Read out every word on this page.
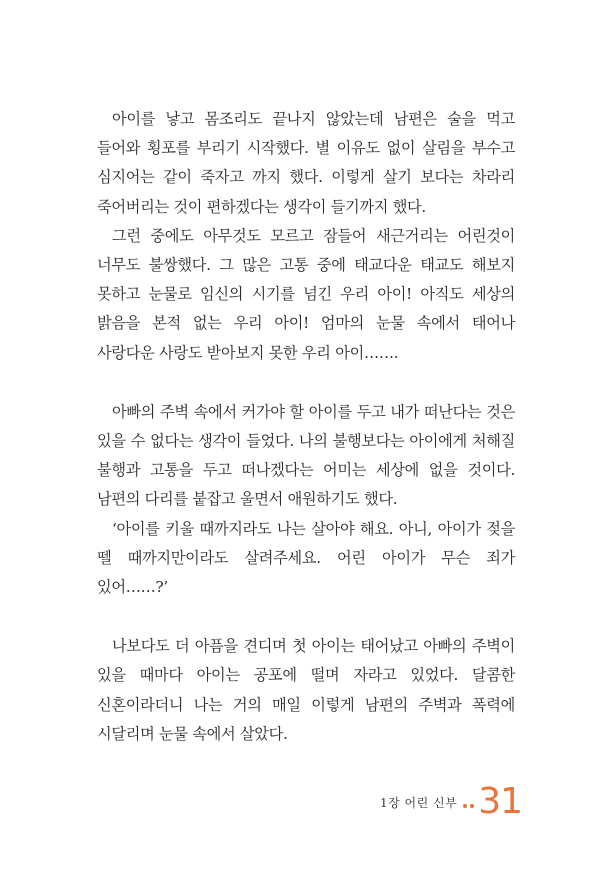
아이를 낳고 몸조리도 끝나지 않았는데 남편은 술을 먹고 들어와 횡포를 부리기 시작했다. 별 이유도 없이 살림을 부수고 심지어는 같이 죽자고 까지 했다. 이렇게 살기 보다는 차라리 죽어버리는 것이 편하겠다는 생각이 들기까지 했다.

그런 중에도 아무것도 모르고 잠들어 새근거리는 어린것이 너무도 불쌍했다. 그 많은 고통 중에 태교다운 태교도 해보지 못하고 눈물로 임신의 시기를 넘긴 우리 아이! 아직도 세상의 밝음을 본적 없는 우리 아이! 엄마의 눈물 속에서 태어나 사랑다운 사랑도 받아보지 못한 우리 아이…….

아빠의 주벽 속에서 커가야 할 아이를 두고 내가 떠난다는 것은 있을 수 없다는 생각이 들었다. 나의 불행보다는 아이에게 처해질 불행과 고통을 두고 떠나겠다는 어미는 세상에 없을 것이다. 남편의 다리를 붙잡고 울면서 애원하기도 했다.

‘아이를 키울 때까지라도 나는 살아야 해요. 아니, 아이가 젖을 뗄 때까지만이라도 살려주세요. 어린 아이가 무슨 죄가 있어……?’

나보다도 더 아픔을 견디며 첫 아이는 태어났고 아빠의 주벽이 있을 때마다 아이는 공포에 떨며 자라고 있었다. 달콤한 신혼이라더니 나는 거의 매일 이렇게 남편의 주벽과 폭력에 시달리며 눈물 속에서 살았다.

1장 어린 신부 31
